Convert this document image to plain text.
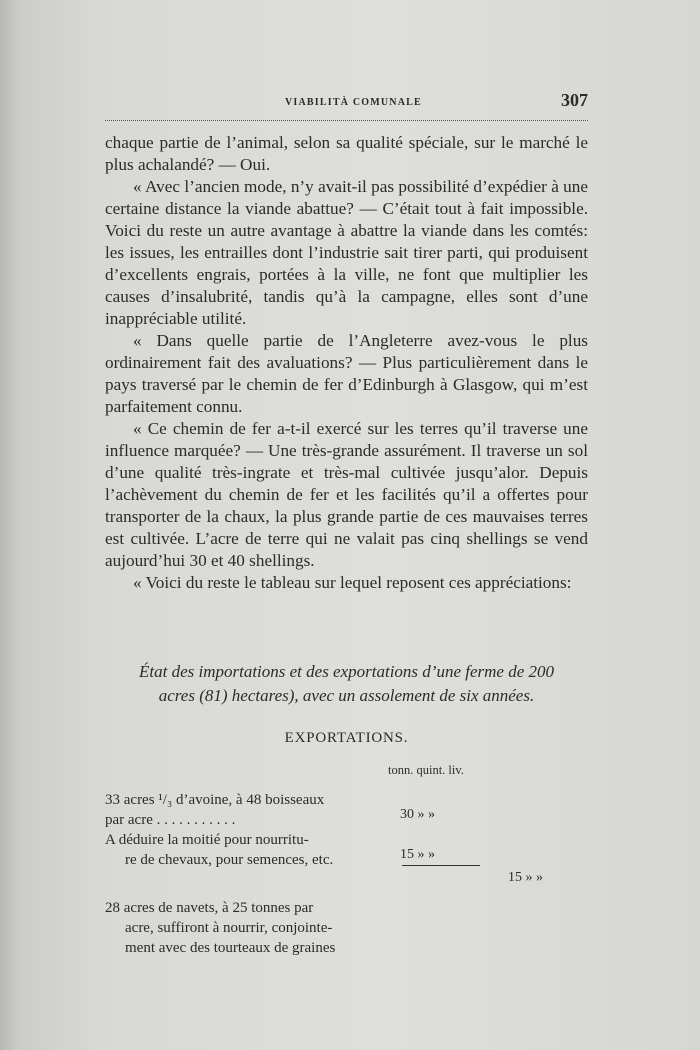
VIABILITÀ COMUNALE	307

chaque partie de l’animal, selon sa qualité spéciale, sur le marché le plus achalandé? — Oui.

« Avec l’ancien mode, n’y avait-il pas possibilité d’expédier à une certaine distance la viande abattue? — C’était tout à fait impossible. Voici du reste un autre avantage à abattre la viande dans les comtés: les issues, les entrailles dont l’industrie sait tirer parti, qui produisent d’excellents engrais, portées à la ville, ne font que multiplier les causes d’insalubrité, tandis qu’à la campagne, elles sont d’une inappréciable utilité.

« Dans quelle partie de l’Angleterre avez-vous le plus ordinairement fait des avaluations? — Plus particulièrement dans le pays traversé par le chemin de fer d’Edinburgh à Glasgow, qui m’est parfaitement connu.

« Ce chemin de fer a-t-il exercé sur les terres qu’il traverse une influence marquée? — Une très-grande assurément. Il traverse un sol d’une qualité très-ingrate et très-mal cultivée jusqu’alor. Depuis l’achèvement du chemin de fer et les facilités qu’il a offertes pour transporter de la chaux, la plus grande partie de ces mauvaises terres est cultivée. L’acre de terre qui ne valait pas cinq shellings se vend aujourd’hui 30 et 40 shellings.

« Voici du reste le tableau sur lequel reposent ces appréciations:

État des importations et des exportations d’une ferme de 200
acres (81) hectares), avec un assolement de six années.
EXPORTATIONS.
tonn. quint. liv.
33 acres ¹/₃ d’avoine, à 48 boisseaux
par acre . . . . . . . . . . .	30 » »
A déduire la moitié pour nourritu-
re de chevaux, pour semences, etc.	15 » »
15 » »
28 acres de navets, à 25 tonnes par
acre, suffiront à nourrir, conjointe-
ment avec des tourteaux de graines
